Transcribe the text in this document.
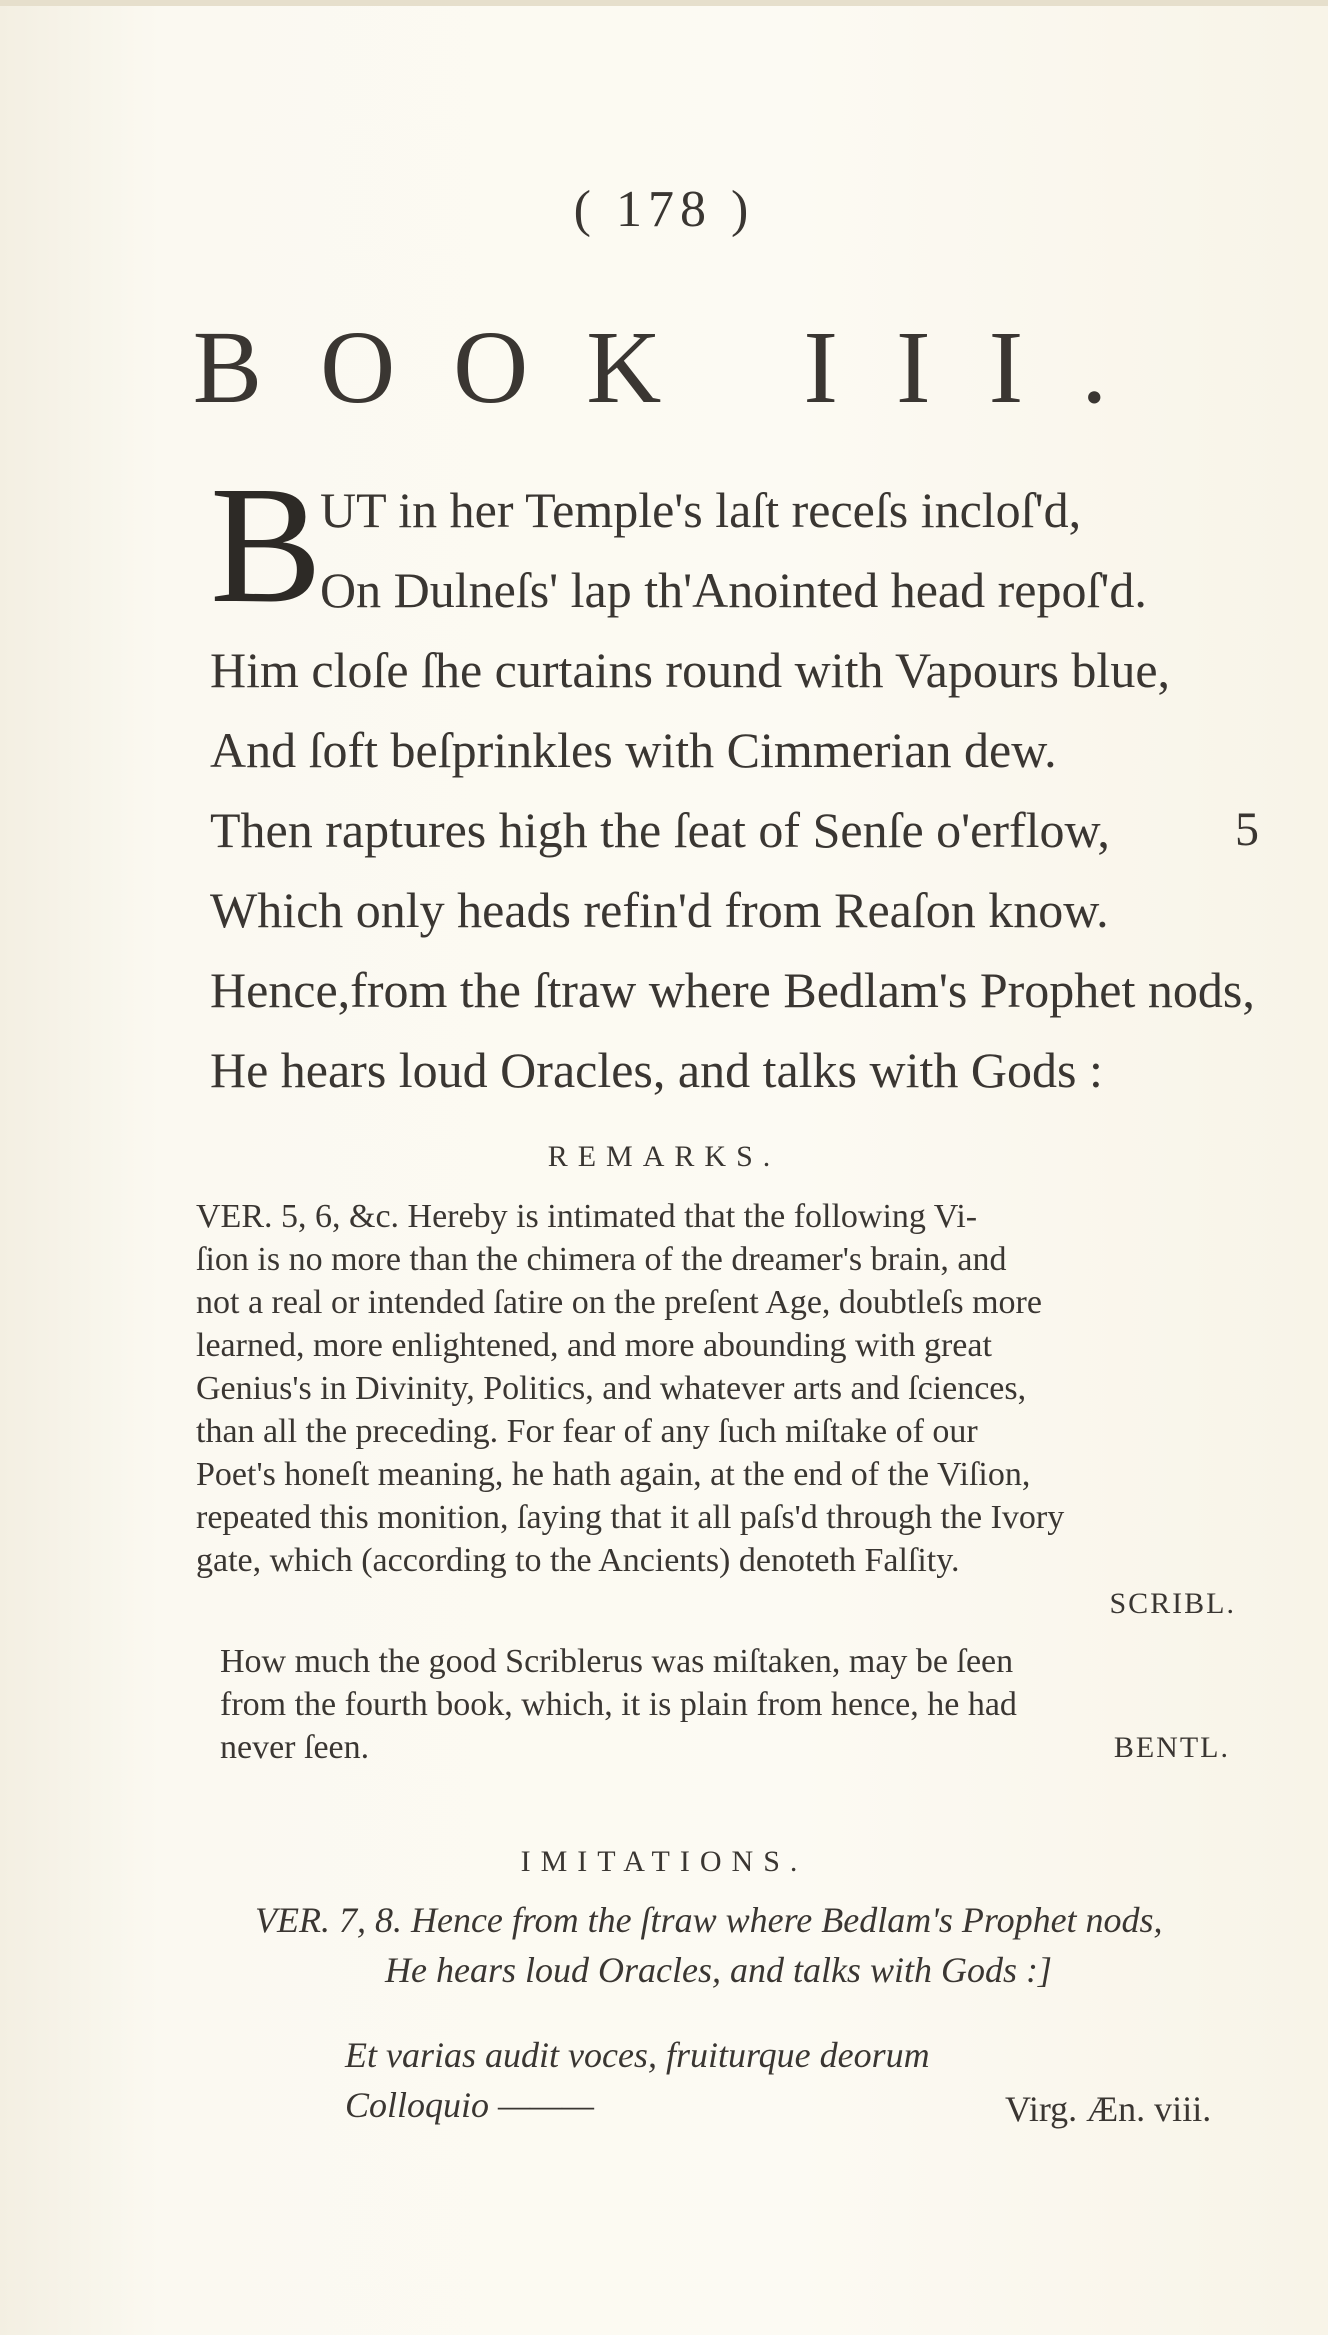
( 178 )
BOOK III.
B
UT in her Temple's laſt receſs incloſ'd,
On Dulneſs' lap th'Anointed head repoſ'd.
Him cloſe ſhe curtains round with Vapours blue,
And ſoft beſprinkles with Cimmerian dew.
Then raptures high the ſeat of Senſe o'erflow,	5
Which only heads refin'd from Reaſon know.
Hence,from the ſtraw where Bedlam's Prophet nods,
He hears loud Oracles, and talks with Gods :
REMARKS.
VER. 5, 6, &c. Hereby is intimated that the following Vi-
ſion is no more than the chimera of the dreamer's brain, and
not a real or intended ſatire on the preſent Age, doubtleſs more
learned, more enlightened, and more abounding with great
Genius's in Divinity, Politics, and whatever arts and ſciences,
than all the preceding. For fear of any ſuch miſtake of our
Poet's honeſt meaning, he hath again, at the end of the Viſion,
repeated this monition, ſaying that it all paſs'd through the Ivory
gate, which (according to the Ancients) denoteth Falſity.
SCRIBL.
How much the good Scriblerus was miſtaken, may be ſeen
from the fourth book, which, it is plain from hence, he had
never ſeen.	BENTL.
IMITATIONS.
VER. 7, 8. Hence from the ſtraw where Bedlam's Prophet nods,
He hears loud Oracles, and talks with Gods :]
Et varias audit voces, fruiturque deorum
Colloquio ———	Virg. Æn. viii.
